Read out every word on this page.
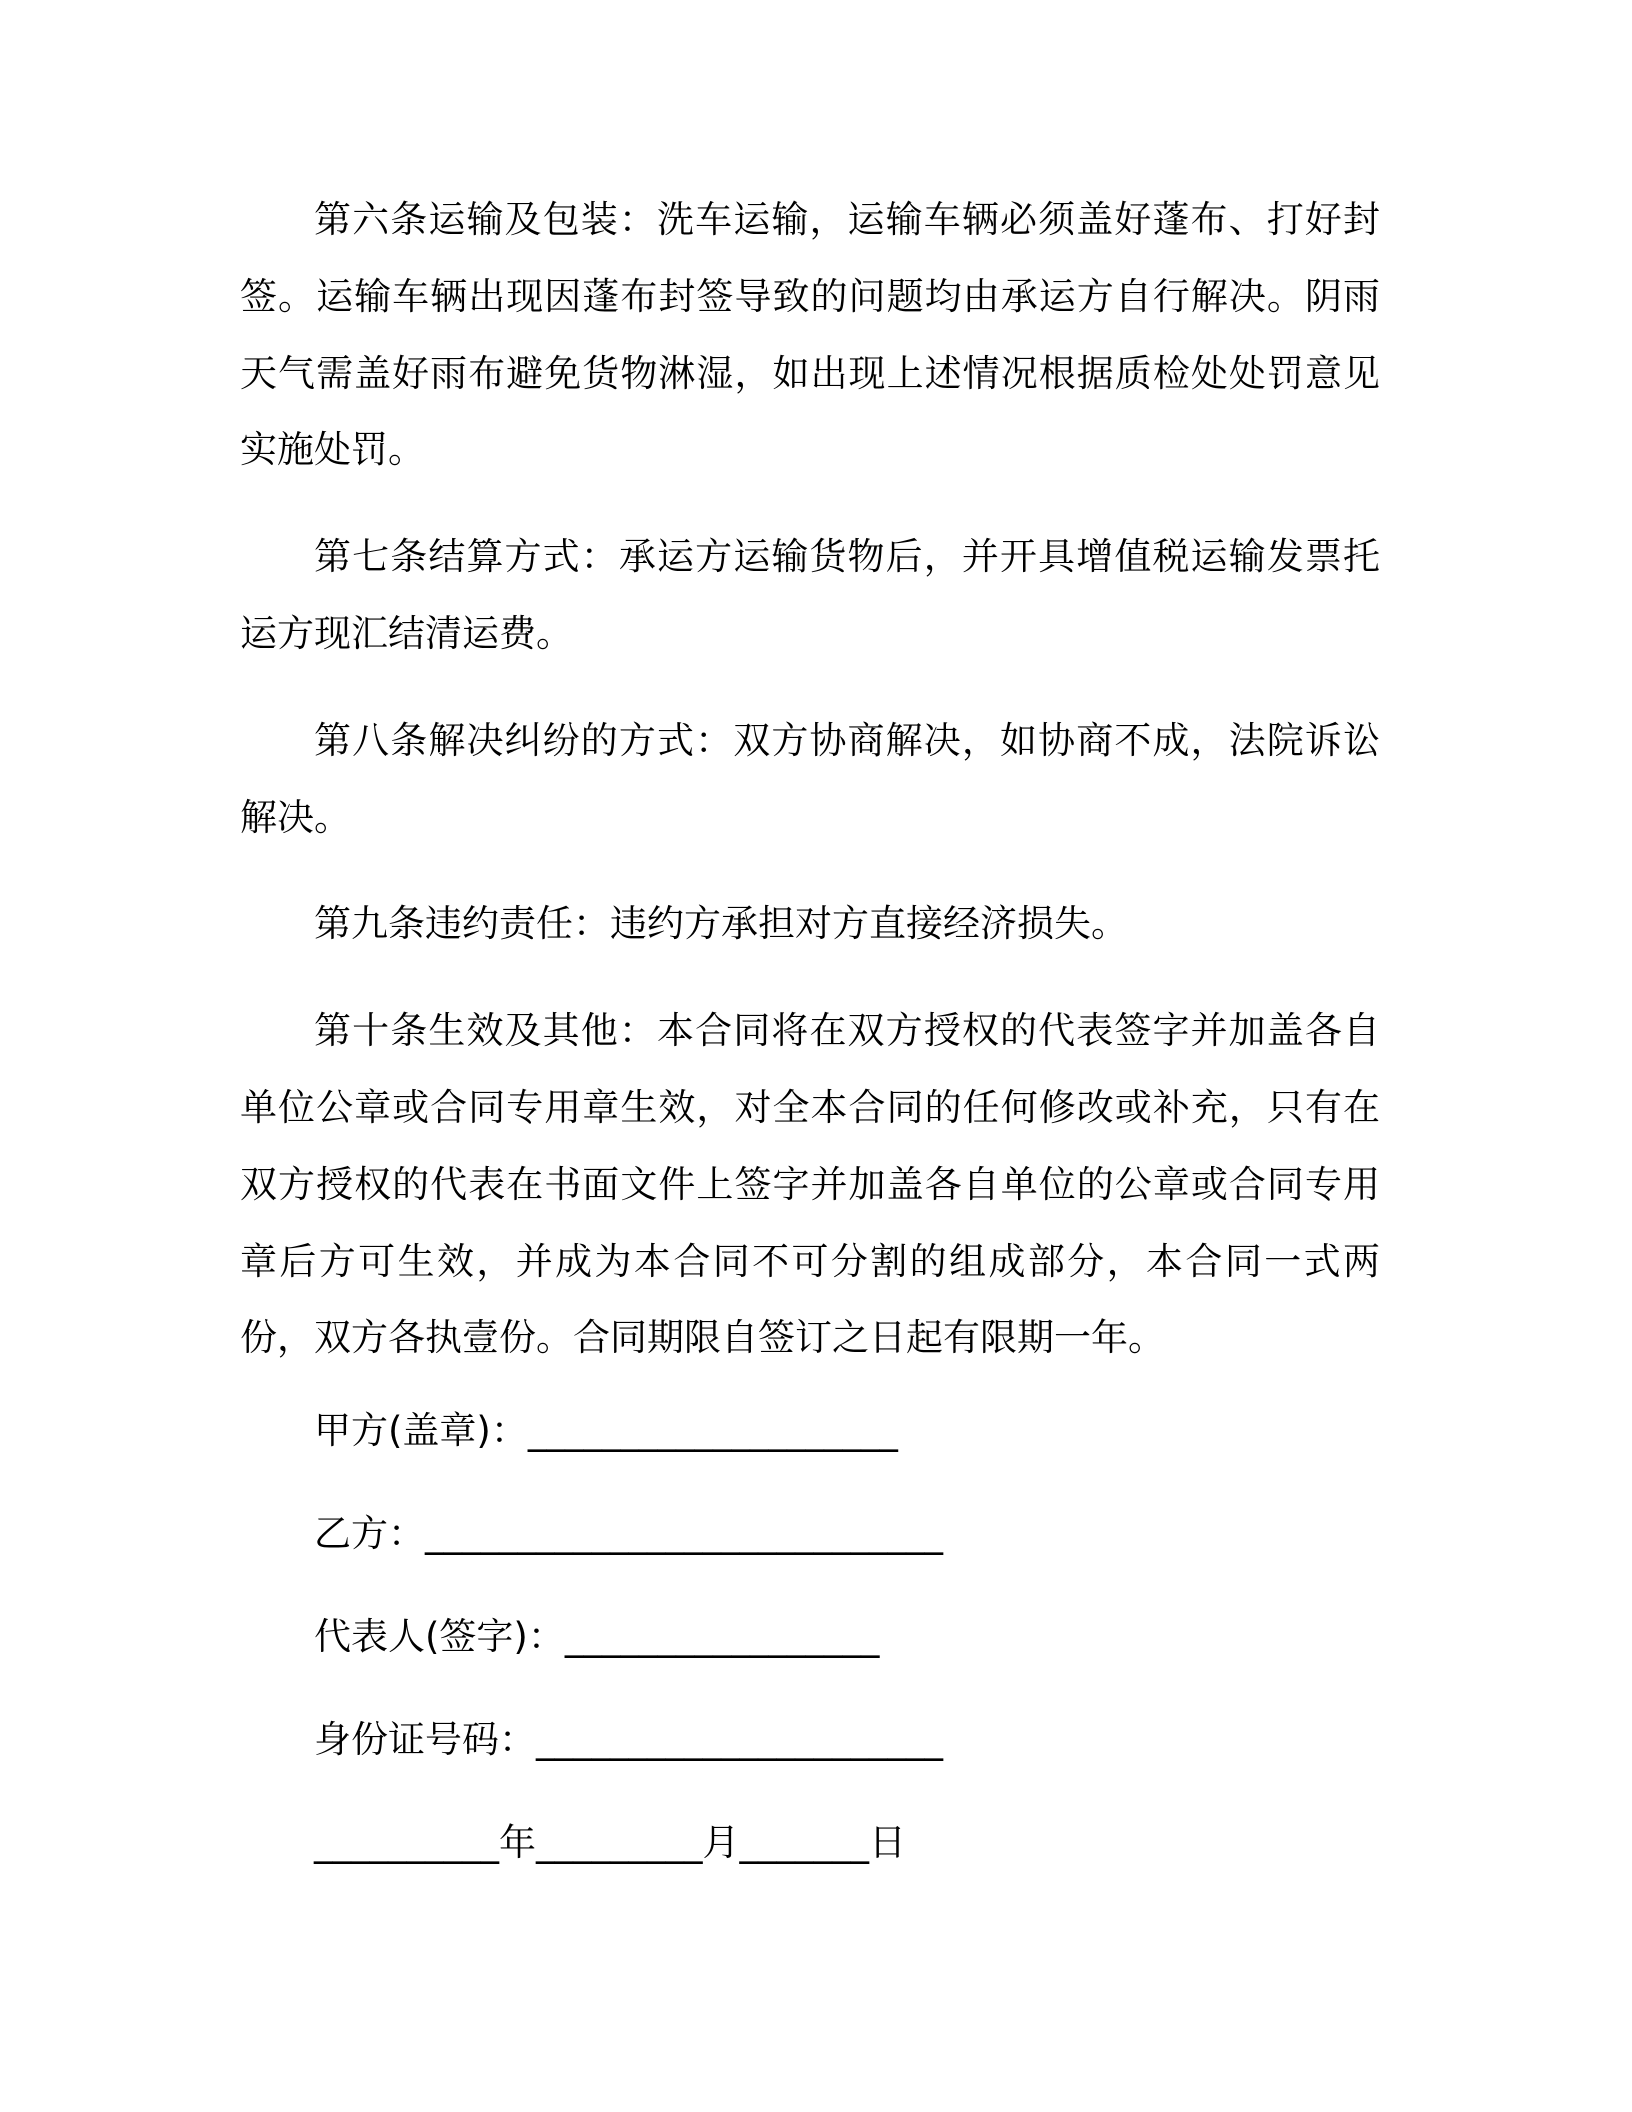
第六条运输及包装：洗车运输，运输车辆必须盖好蓬布、打好封签。运输车辆出现因蓬布封签导致的问题均由承运方自行解决。阴雨天气需盖好雨布避免货物淋湿，如出现上述情况根据质检处处罚意见实施处罚。

第七条结算方式：承运方运输货物后，并开具增值税运输发票托运方现汇结清运费。

第八条解决纠纷的方式：双方协商解决，如协商不成，法院诉讼解决。

第九条违约责任：违约方承担对方直接经济损失。

第十条生效及其他：本合同将在双方授权的代表签字并加盖各自单位公章或合同专用章生效，对全本合同的任何修改或补充，只有在双方授权的代表在书面文件上签字并加盖各自单位的公章或合同专用章后方可生效，并成为本合同不可分割的组成部分，本合同一式两份，双方各执壹份。合同期限自签订之日起有限期一年。

甲方(盖章)：____________________
乙方：____________________________
代表人(签字)：_________________
身份证号码：______________________
__________年_________月_______日
